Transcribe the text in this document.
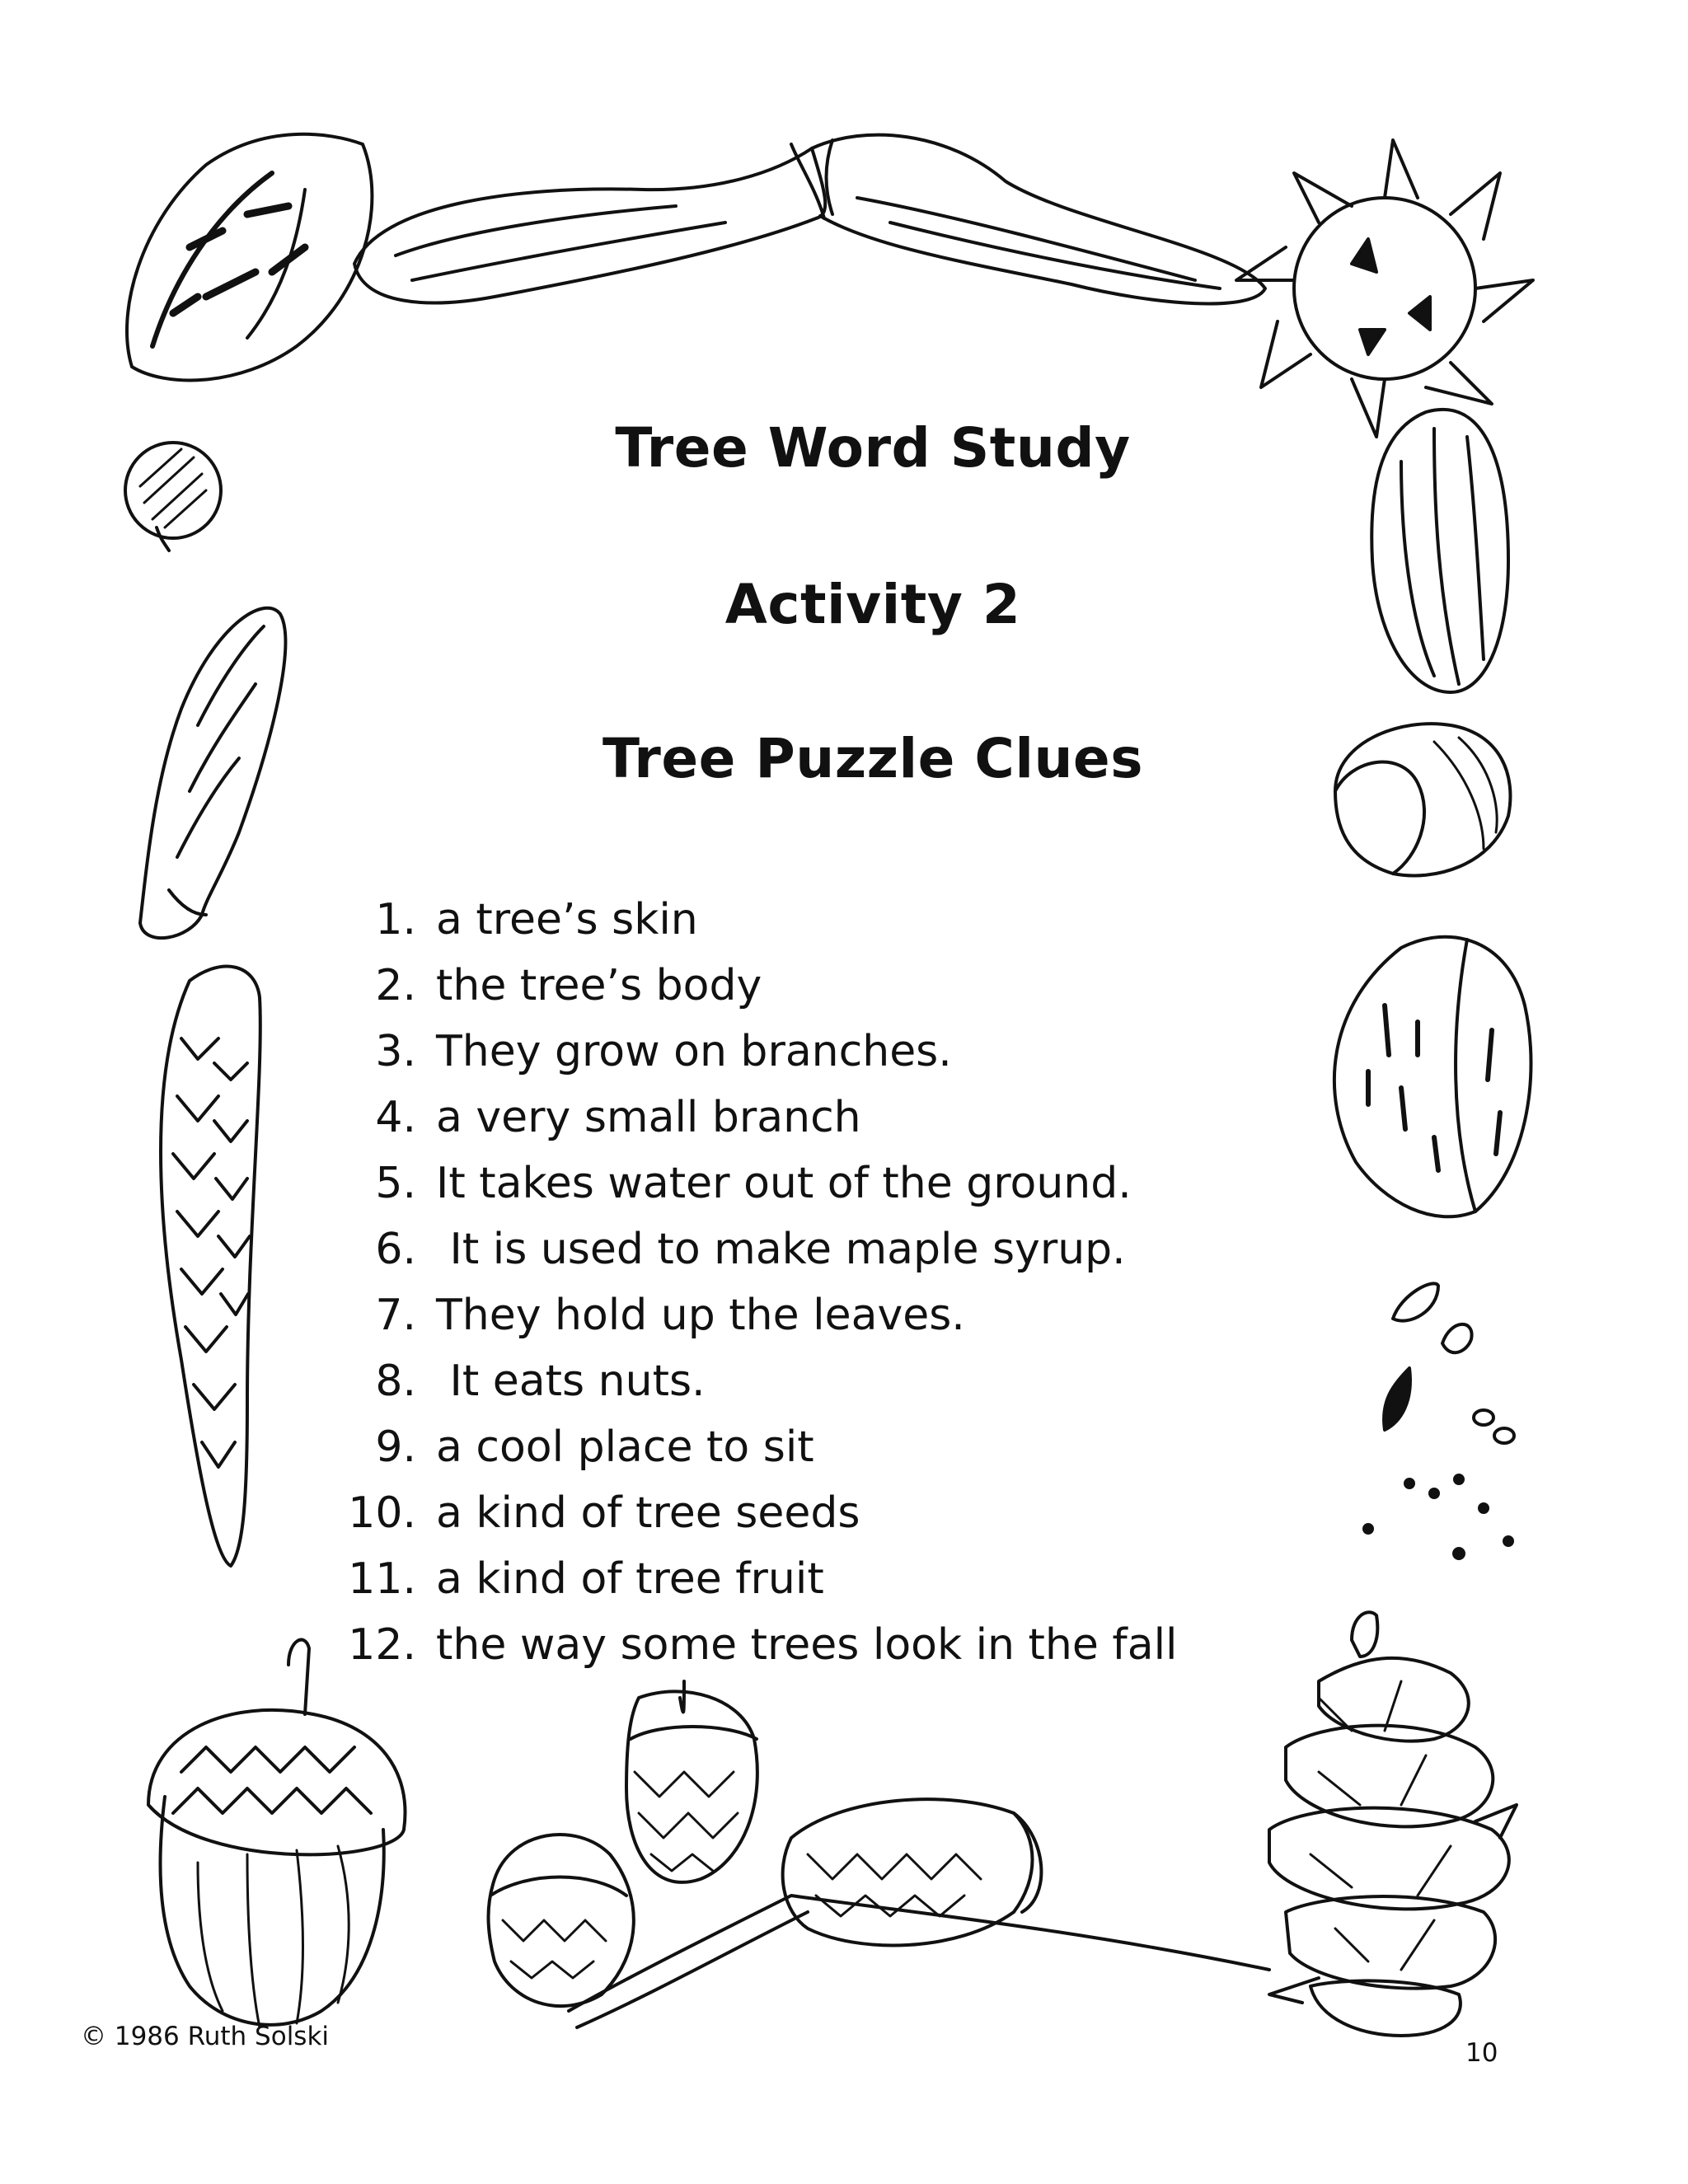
Tree Word Study
Activity 2
Tree Puzzle Clues
1. a tree’s skin
2. the tree’s body
3. They grow on branches.
4. a very small branch
5. It takes water out of the ground.
6. It is used to make maple syrup.
7. They hold up the leaves.
8. It eats nuts.
9. a cool place to sit
10. a kind of tree seeds
11. a kind of tree fruit
12. the way some trees look in the fall
© 1986 Ruth Solski
10
